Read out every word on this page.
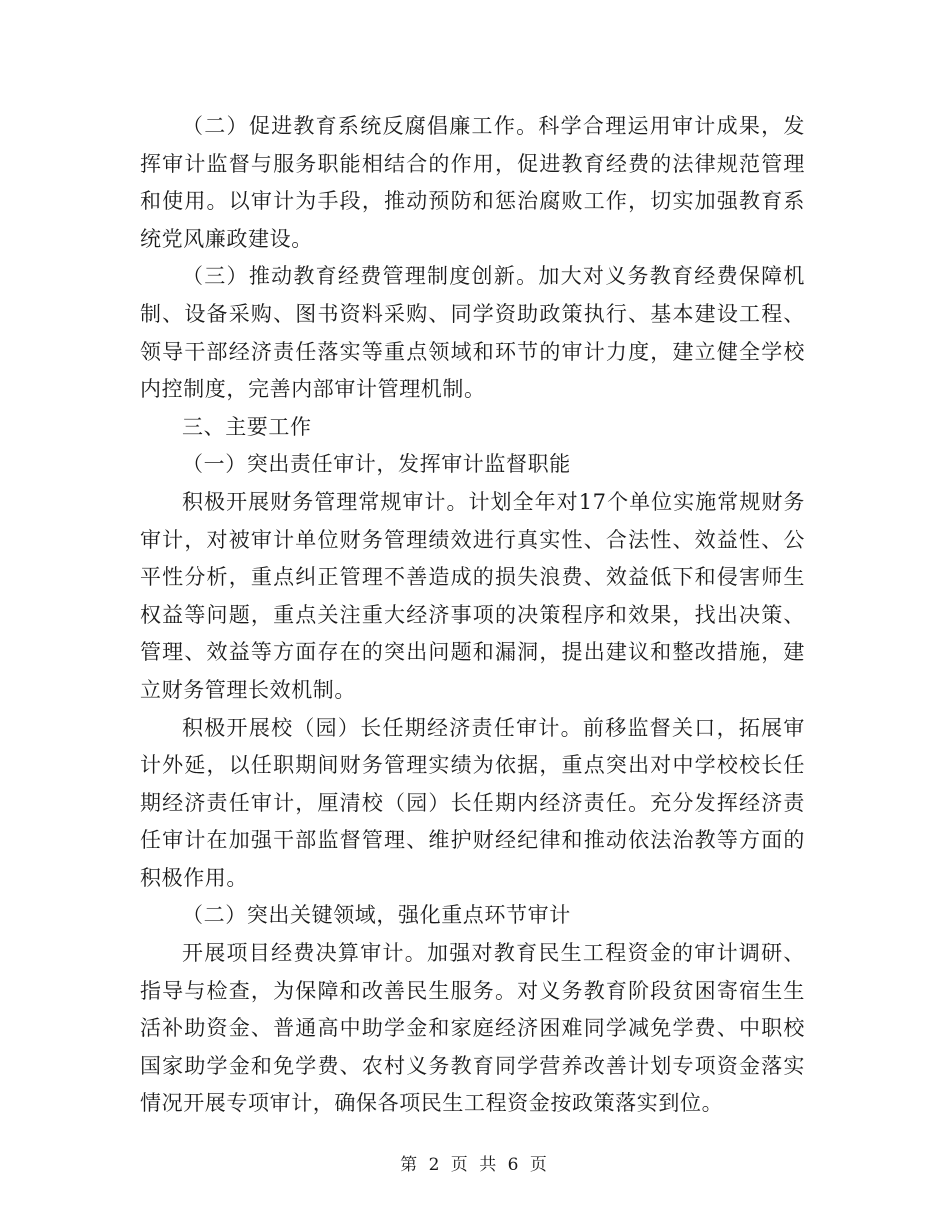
（二）促进教育系统反腐倡廉工作。科学合理运用审计成果，发挥审计监督与服务职能相结合的作用，促进教育经费的法律规范管理和使用。以审计为手段，推动预防和惩治腐败工作，切实加强教育系统党风廉政建设。

（三）推动教育经费管理制度创新。加大对义务教育经费保障机制、设备采购、图书资料采购、同学资助政策执行、基本建设工程、领导干部经济责任落实等重点领域和环节的审计力度，建立健全学校内控制度，完善内部审计管理机制。

三、主要工作

（一）突出责任审计，发挥审计监督职能

积极开展财务管理常规审计。计划全年对17个单位实施常规财务审计，对被审计单位财务管理绩效进行真实性、合法性、效益性、公平性分析，重点纠正管理不善造成的损失浪费、效益低下和侵害师生权益等问题，重点关注重大经济事项的决策程序和效果，找出决策、管理、效益等方面存在的突出问题和漏洞，提出建议和整改措施，建立财务管理长效机制。

积极开展校（园）长任期经济责任审计。前移监督关口，拓展审计外延，以任职期间财务管理实绩为依据，重点突出对中学校校长任期经济责任审计，厘清校（园）长任期内经济责任。充分发挥经济责任审计在加强干部监督管理、维护财经纪律和推动依法治教等方面的积极作用。

（二）突出关键领域，强化重点环节审计

开展项目经费决算审计。加强对教育民生工程资金的审计调研、指导与检查，为保障和改善民生服务。对义务教育阶段贫困寄宿生生活补助资金、普通高中助学金和家庭经济困难同学减免学费、中职校国家助学金和免学费、农村义务教育同学营养改善计划专项资金落实情况开展专项审计，确保各项民生工程资金按政策落实到位。

第 2 页 共 6 页
